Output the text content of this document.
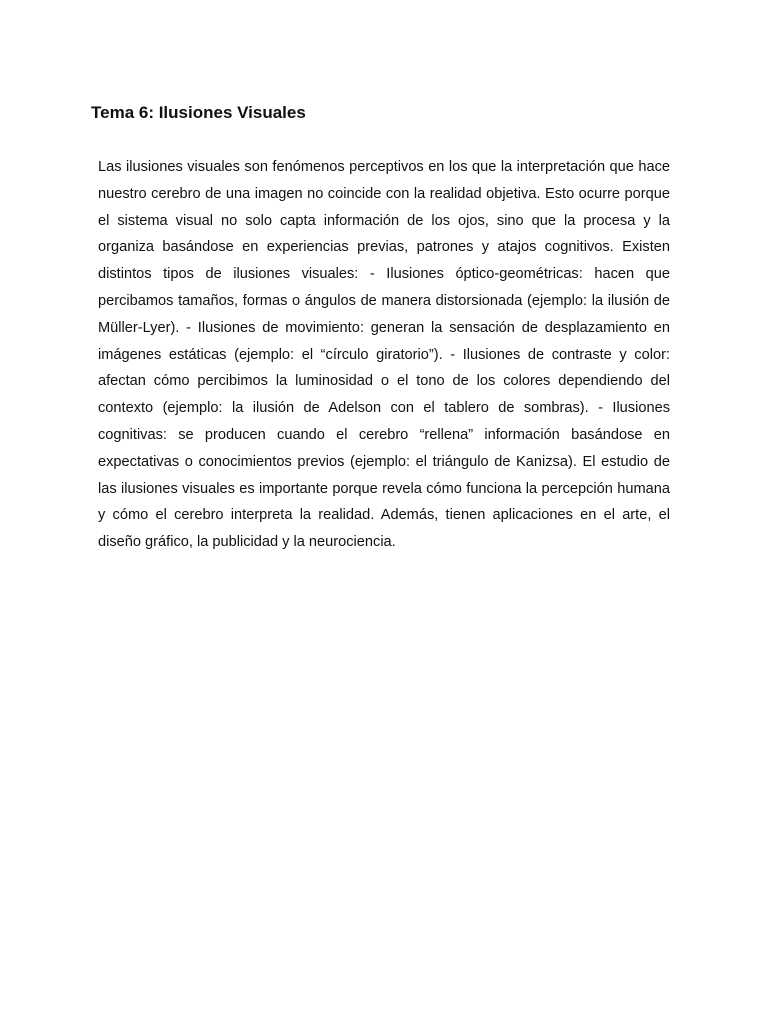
Tema 6: Ilusiones Visuales

Las ilusiones visuales son fenómenos perceptivos en los que la interpretación que hace nuestro cerebro de una imagen no coincide con la realidad objetiva. Esto ocurre porque el sistema visual no solo capta información de los ojos, sino que la procesa y la organiza basándose en experiencias previas, patrones y atajos cognitivos. Existen distintos tipos de ilusiones visuales: - Ilusiones óptico-geométricas: hacen que percibamos tamaños, formas o ángulos de manera distorsionada (ejemplo: la ilusión de Müller-Lyer). - Ilusiones de movimiento: generan la sensación de desplazamiento en imágenes estáticas (ejemplo: el “círculo giratorio”). - Ilusiones de contraste y color: afectan cómo percibimos la luminosidad o el tono de los colores dependiendo del contexto (ejemplo: la ilusión de Adelson con el tablero de sombras). - Ilusiones cognitivas: se producen cuando el cerebro “rellena” información basándose en expectativas o conocimientos previos (ejemplo: el triángulo de Kanizsa). El estudio de las ilusiones visuales es importante porque revela cómo funciona la percepción humana y cómo el cerebro interpreta la realidad. Además, tienen aplicaciones en el arte, el diseño gráfico, la publicidad y la neurociencia.
